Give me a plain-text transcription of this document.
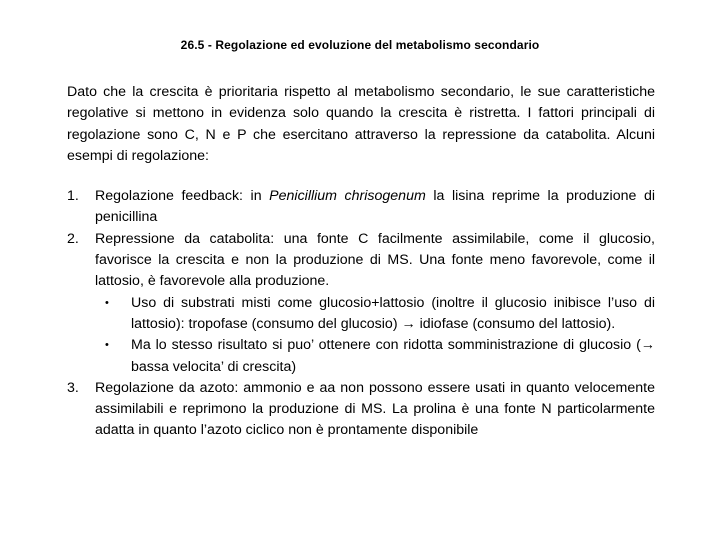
26.5 - Regolazione ed evoluzione del metabolismo secondario

Dato che la crescita è prioritaria rispetto al metabolismo secondario, le sue caratteristiche regolative si mettono in evidenza solo quando la crescita è ristretta. I fattori principali di regolazione sono C, N e P che esercitano attraverso la repressione da catabolita. Alcuni esempi di regolazione:

1. Regolazione feedback: in Penicillium chrisogenum la lisina reprime la produzione di penicillina
2. Repressione da catabolita: una fonte C facilmente assimilabile, come il glucosio, favorisce la crescita e non la produzione di MS. Una fonte meno favorevole, come il lattosio, è favorevole alla produzione.
• Uso di substrati misti come glucosio+lattosio (inoltre il glucosio inibisce l’uso di lattosio): tropofase (consumo del glucosio) → idiofase (consumo del lattosio).
• Ma lo stesso risultato si puo’ ottenere con ridotta somministrazione di glucosio (→ bassa velocita’ di crescita)
3. Regolazione da azoto: ammonio e aa non possono essere usati in quanto velocemente assimilabili e reprimono la produzione di MS. La prolina è una fonte N particolarmente adatta in quanto l’azoto ciclico non è prontamente disponibile
